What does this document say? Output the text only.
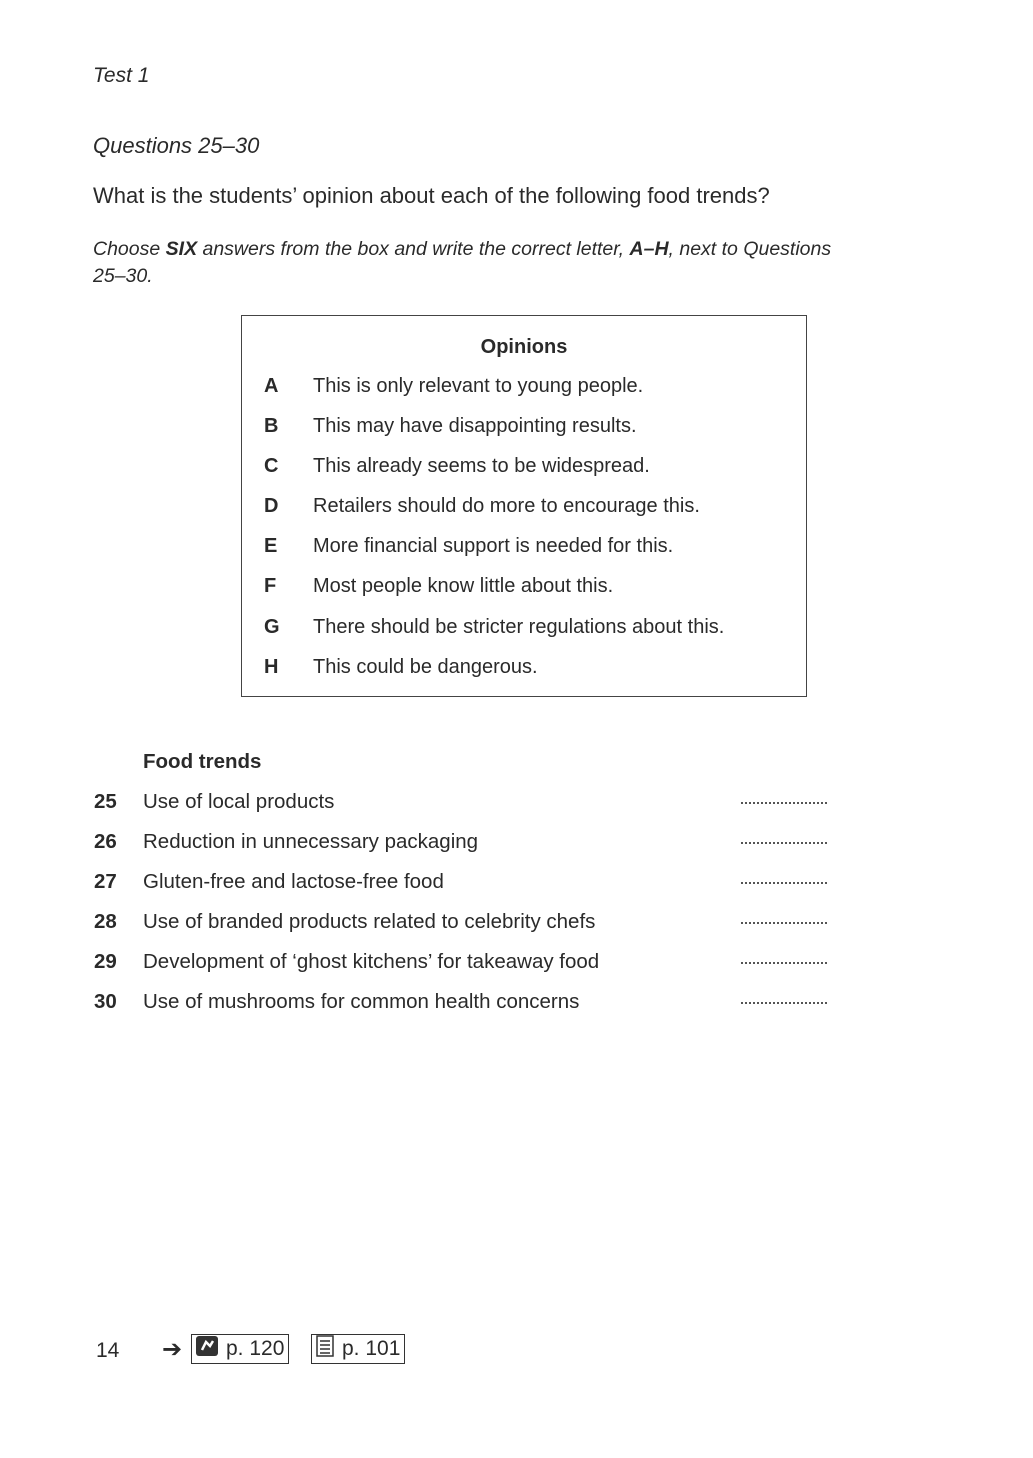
Test 1
Questions 25–30
What is the students’ opinion about each of the following food trends?
Choose SIX answers from the box and write the correct letter, A–H, next to Questions 25–30.
Opinions
A This is only relevant to young people.
B This may have disappointing results.
C This already seems to be widespread.
D Retailers should do more to encourage this.
E More financial support is needed for this.
F Most people know little about this.
G There should be stricter regulations about this.
H This could be dangerous.
Food trends
25 Use of local products
26 Reduction in unnecessary packaging
27 Gluten-free and lactose-free food
28 Use of branded products related to celebrity chefs
29 Development of ‘ghost kitchens’ for takeaway food
30 Use of mushrooms for common health concerns
14 ➔ p. 120	p. 101
